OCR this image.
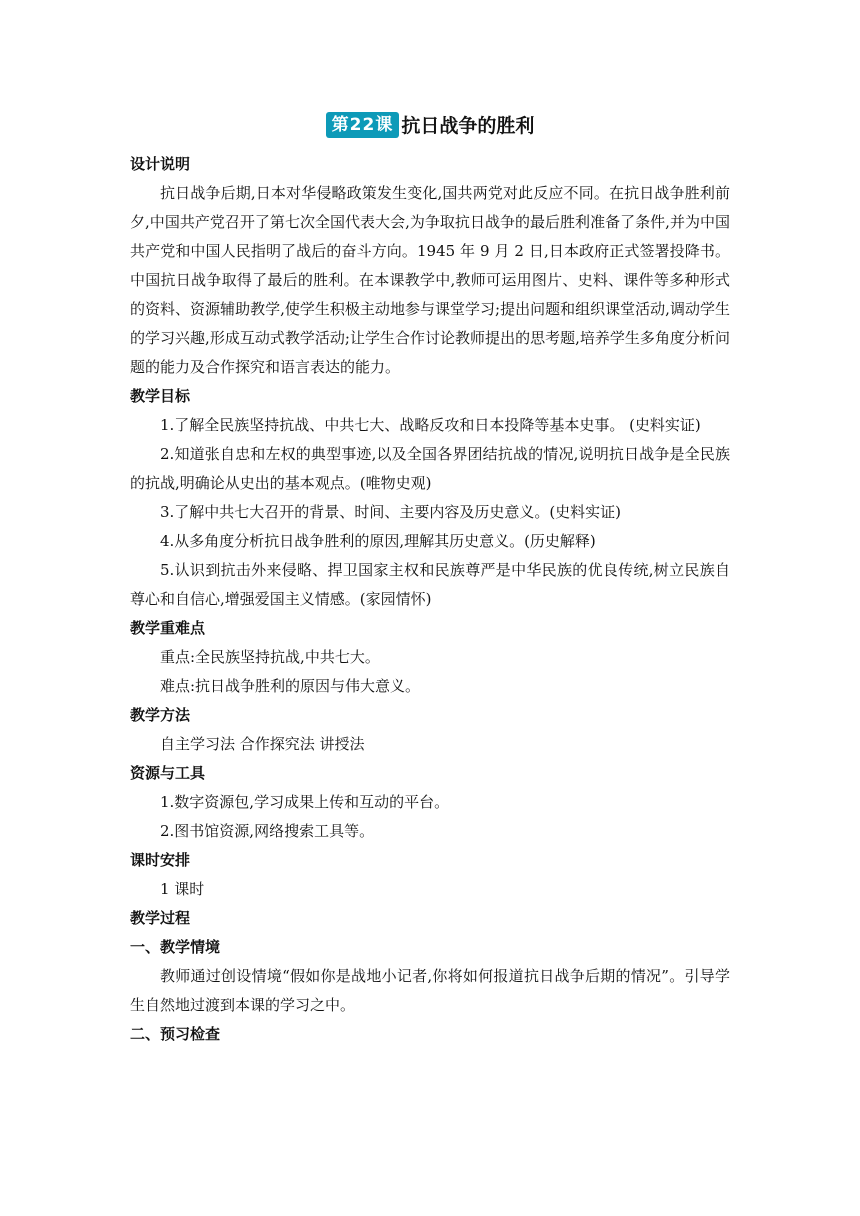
第22课 抗日战争的胜利
设计说明

抗日战争后期,日本对华侵略政策发生变化,国共两党对此反应不同。在抗日战争胜利前夕,中国共产党召开了第七次全国代表大会,为争取抗日战争的最后胜利准备了条件,并为中国共产党和中国人民指明了战后的奋斗方向。1945 年 9 月 2 日,日本政府正式签署投降书。中国抗日战争取得了最后的胜利。在本课教学中,教师可运用图片、史料、课件等多种形式的资料、资源辅助教学,使学生积极主动地参与课堂学习;提出问题和组织课堂活动,调动学生的学习兴趣,形成互动式教学活动;让学生合作讨论教师提出的思考题,培养学生多角度分析问题的能力及合作探究和语言表达的能力。

教学目标

1.了解全民族坚持抗战、中共七大、战略反攻和日本投降等基本史事。 (史料实证)

2.知道张自忠和左权的典型事迹,以及全国各界团结抗战的情况,说明抗日战争是全民族的抗战,明确论从史出的基本观点。(唯物史观)

3.了解中共七大召开的背景、时间、主要内容及历史意义。(史料实证)

4.从多角度分析抗日战争胜利的原因,理解其历史意义。(历史解释)

5.认识到抗击外来侵略、捍卫国家主权和民族尊严是中华民族的优良传统,树立民族自尊心和自信心,增强爱国主义情感。(家园情怀)

教学重难点

重点:全民族坚持抗战,中共七大。

难点:抗日战争胜利的原因与伟大意义。

教学方法

自主学习法 合作探究法 讲授法

资源与工具

1.数字资源包,学习成果上传和互动的平台。

2.图书馆资源,网络搜索工具等。

课时安排

1 课时

教学过程
一、教学情境

教师通过创设情境“假如你是战地小记者,你将如何报道抗日战争后期的情况”。引导学生自然地过渡到本课的学习之中。

二、预习检查
